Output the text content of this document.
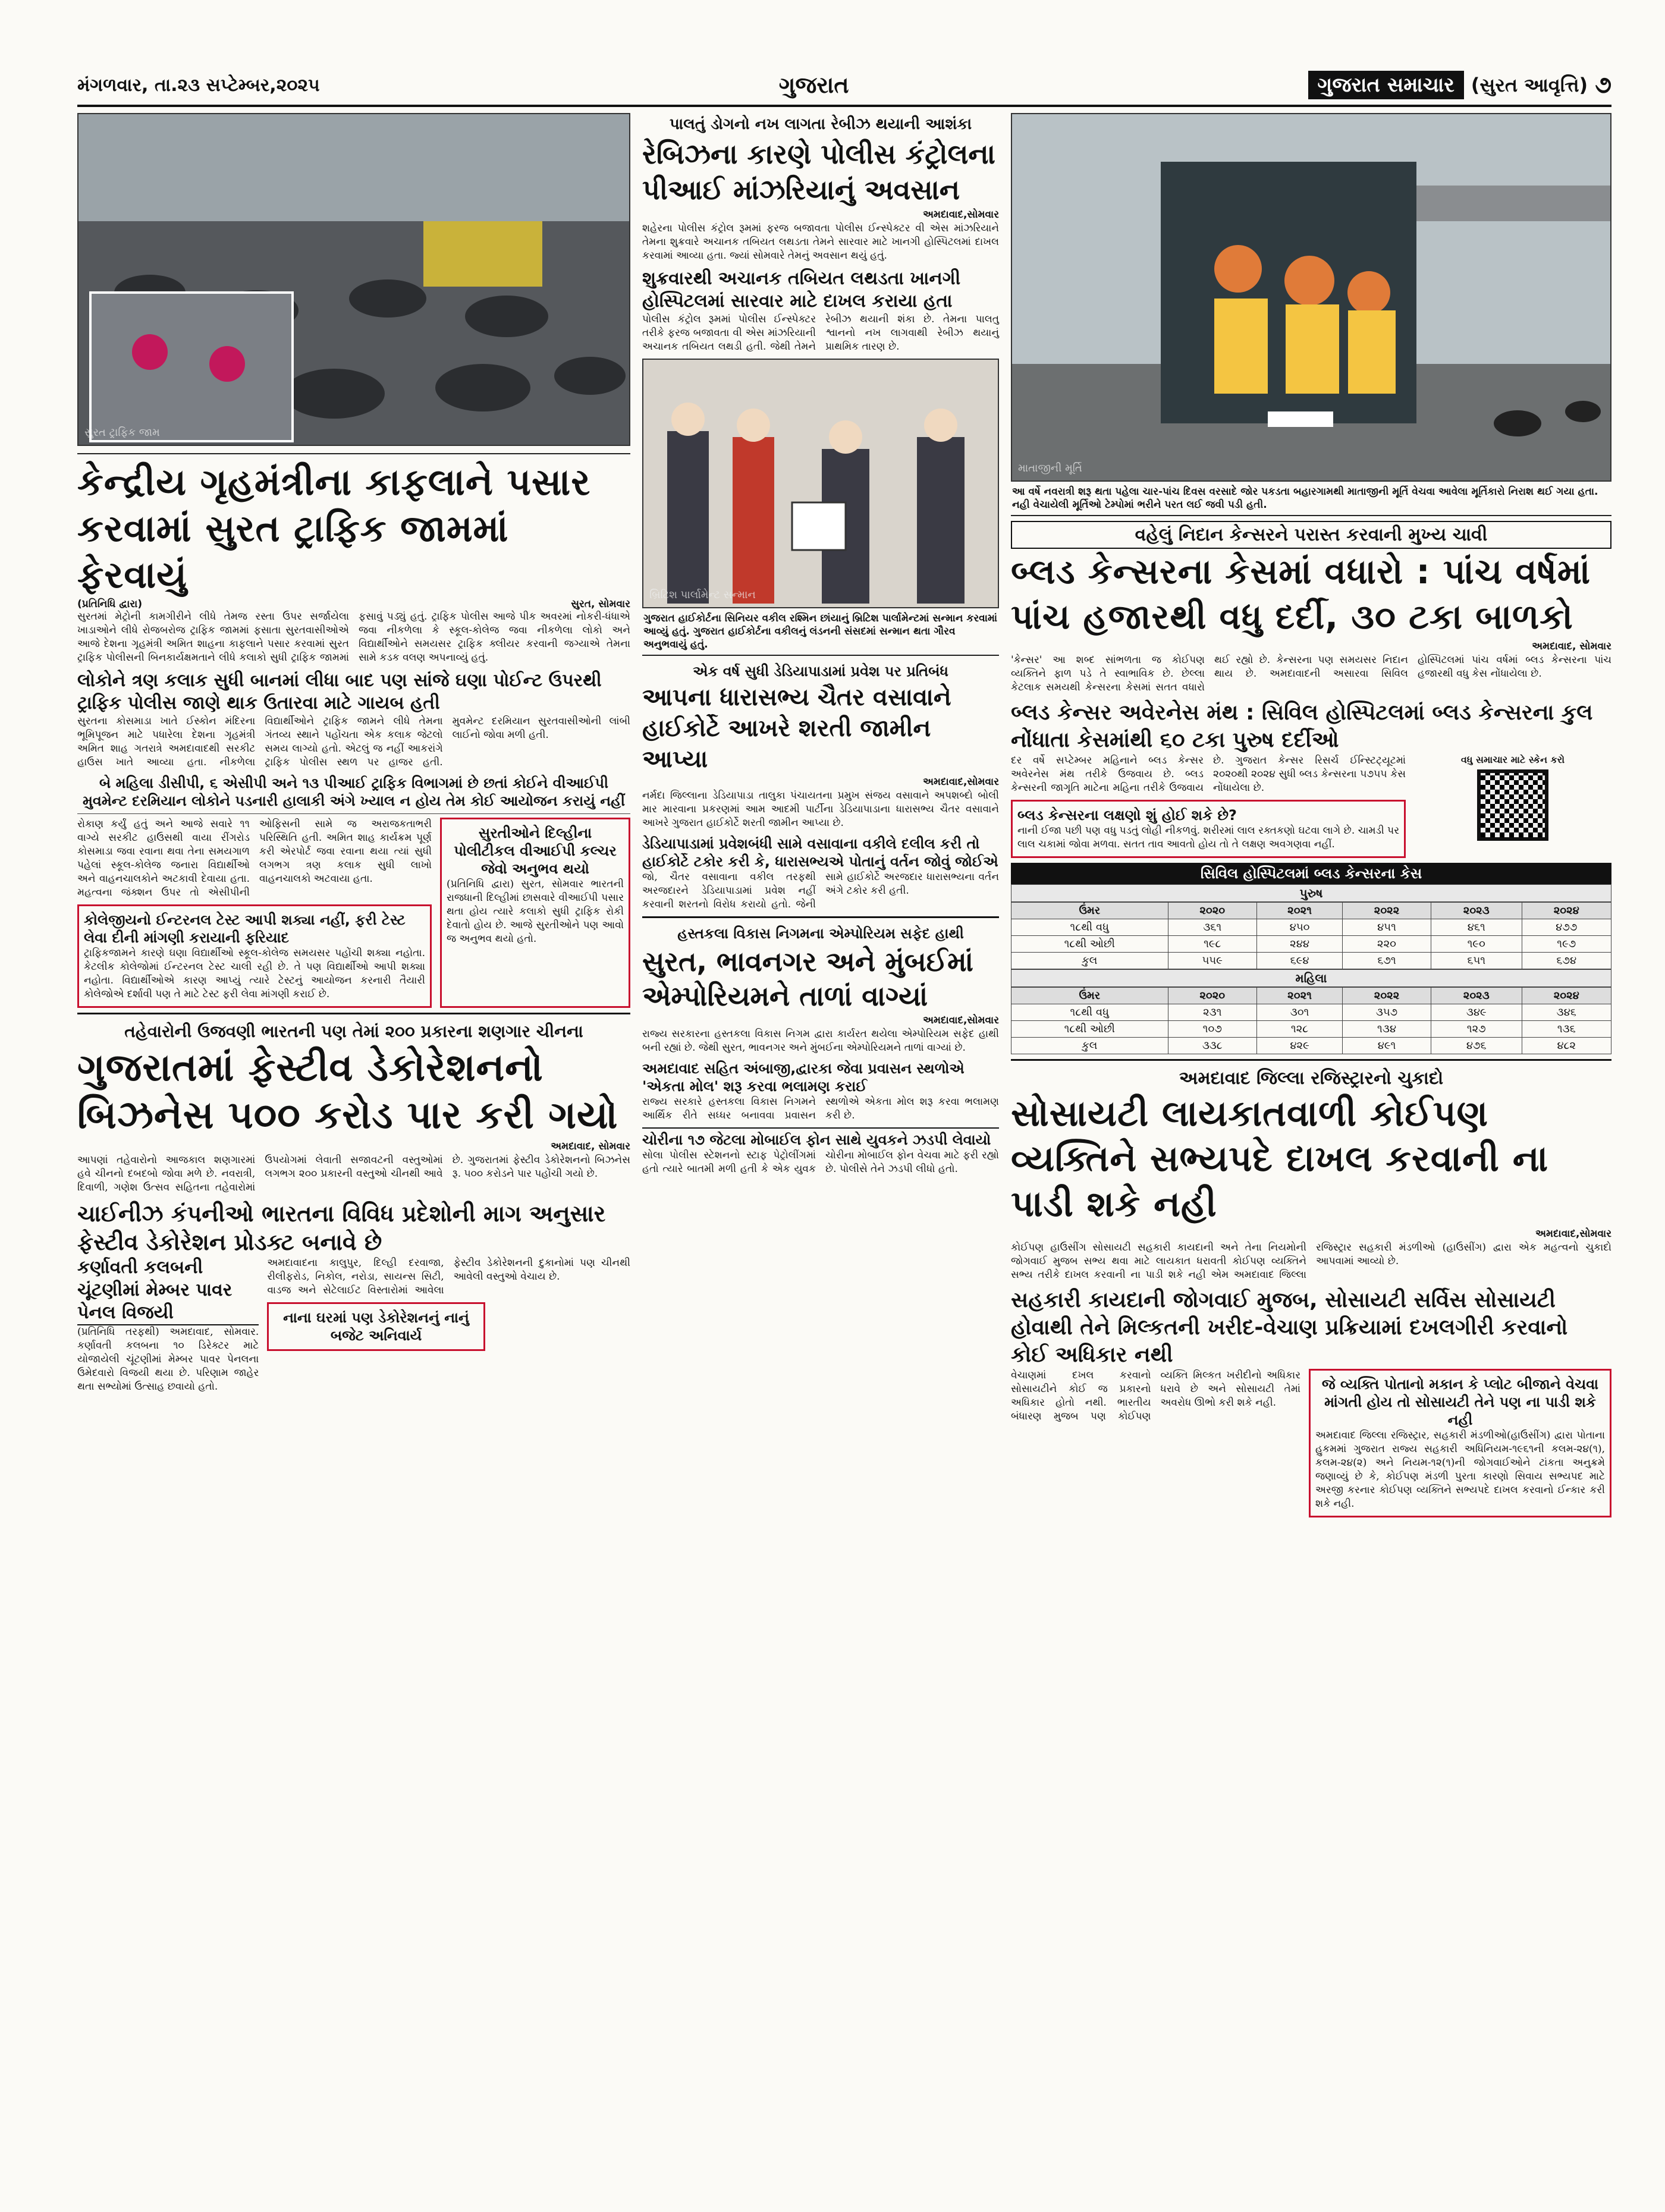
મંગળવાર, તા.૨૩ સપ્ટેમ્બર,૨૦૨૫	ગુજરાત	ગુજરાત સમાચાર (સુરત આવૃત્તિ) ૭
સુરત ટ્રાફિક જામ
કેન્દ્રીય ગૃહમંત્રીના કાફલાને પસાર કરવામાં સુરત ટ્રાફિક જામમાં ફેરવાયું
(પ્રતિનિધિ દ્વારા)	સુરત, સોમવાર
સુરતમાં મેટ્રોની કામગીરીને લીધે તેમજ રસ્તા ઉપર સર્જાયેલા ખાડાઓને લીધે રોજબરોજ ટ્રાફિક જામમાં ફસાતા સુરતવાસીઓએ આજે દેશના ગૃહમંત્રી અમિત શાહના કાફલાને પસાર કરવામાં સુરત ટ્રાફિક પોલીસની બિનકાર્યક્ષમતાને લીધે કલાકો સુધી ટ્રાફિક જામમાં ફસાવું પડ્યું હતું. ટ્રાફિક પોલીસ આજે પીક અવરમાં નોકરી-ધંધાએ જવા નીકળેલા કે સ્કૂલ-કોલેજ જવા નીકળેલા લોકો અને વિદ્યાર્થીઓને સમયસર ટ્રાફિક ક્લીયર કરવાની જગ્યાએ તેમના સામે કડક વલણ અપનાવ્યું હતું.
લોકોને ત્રણ કલાક સુધી બાનમાં લીધા બાદ પણ સાંજે ઘણા પોઈન્ટ ઉપરથી ટ્રાફિક પોલીસ જાણે થાક ઉતારવા માટે ગાયબ હતી
સુરતના કોસમાડા ખાતે ઈસ્કોન મંદિરના ભૂમિપૂજન માટે પધારેલા દેશના ગૃહમંત્રી અમિત શાહ ગતરાત્રે અમદાવાદથી સરકીટ હાઉસ ખાતે આવ્યા હતા. નીકળેલા વિદ્યાર્થીઓને ટ્રાફિક જામને લીધે તેમના ગંતવ્ય સ્થાને પહોંચતા એક કલાક જેટલો સમય લાગ્યો હતો. એટલું જ નહીં આકરાંગે ટ્રાફિક પોલીસ સ્થળ પર હાજર હતી. મુવમેન્ટ દરમિયાન સુરતવાસીઓની લાંબી લાઈનો જોવા મળી હતી.
બે મહિલા ડીસીપી, ૬ એસીપી અને ૧૩ પીઆઈ ટ્રાફિક વિભાગમાં છે છતાં કોઈને વીઆઈપી મુવમેન્ટ દરમિયાન લોકોને પડનારી હાલાકી અંગે ખ્યાલ ન હોય તેમ કોઈ આયોજન કરાયું નહીં
રોકાણ કર્યું હતું અને આજે સવારે ૧૧ વાગ્યે સરકીટ હાઉસથી વાયા રીંગરોડ કોસમાડા જવા રવાના થવા તેના સમયગાળ પહેલાં સ્કૂલ-કોલેજ જનારા વિદ્યાર્થીઓ અને વાહનચાલકોને અટકાવી દેવાયા હતા. મહત્વના જંક્શન ઉપર તો એસીપીની ઓફિસની સામે જ અરાજકતાભરી પરિસ્થિતિ હતી. અમિત શાહ કાર્યક્રમ પૂર્ણ કરી એરપોર્ટ જવા રવાના થયા ત્યાં સુધી લગભગ ત્રણ કલાક સુધી લાખો વાહનચાલકો અટવાયા હતા.
કોલેજીયનો ઈન્ટરનલ ટેસ્ટ આપી શક્યા નહીં, ફરી ટેસ્ટ લેવા દીની માંગણી કરાયાની ફરિયાદ
ટ્રાફિકજામને કારણે ઘણા વિદ્યાર્થીઓ સ્કૂલ-કોલેજ સમયસર પહોંચી શક્યા નહોતા. કેટલીક કોલેજોમાં ઈન્ટરનલ ટેસ્ટ ચાલી રહી છે. તે પણ વિદ્યાર્થીઓ આપી શક્યા નહોતા. વિદ્યાર્થીઓએ કારણ આપ્યું ત્યારે ટેસ્ટનું આયોજન કરનારી તૈયારી કોલેજોએ દર્શાવી પણ તે માટે ટેસ્ટ ફરી લેવા માંગણી કરાઈ છે.
સુરતીઓને દિલ્હીના પોલીટીકલ વીઆઈપી કલ્ચર જેવો અનુભવ થયો
(પ્રતિનિધિ દ્વારા) સુરત, સોમવાર ભારતની રાજધાની દિલ્હીમાં છાસવારે વીઆઈપી પસાર થતા હોય ત્યારે કલાકો સુધી ટ્રાફિક રોકી દેવાતો હોય છે. આજે સુરતીઓને પણ આવો જ અનુભવ થયો હતો.
તહેવારોની ઉજવણી ભારતની પણ તેમાં ૨૦૦ પ્રકારના શણગાર ચીનના
ગુજરાતમાં ફેસ્ટીવ ડેકોરેશનનો બિઝનેસ ૫૦૦ કરોડ પાર કરી ગયો
અમદાવાદ, સોમવાર
આપણાં તહેવારોનો આજકાલ શણગારમાં હવે ચીનનો દબદબો જોવા મળે છે. નવરાત્રી, દિવાળી, ગણેશ ઉત્સવ સહિતના તહેવારોમાં ઉપયોગમાં લેવાતી સજાવટની વસ્તુઓમાં લગભગ ૨૦૦ પ્રકારની વસ્તુઓ ચીનથી આવે છે. ગુજરાતમાં ફેસ્ટીવ ડેકોરેશનનો બિઝનેસ રૂ. ૫૦૦ કરોડને પાર પહોંચી ગયો છે.
ચાઈનીઝ કંપનીઓ ભારતના વિવિધ પ્રદેશોની માગ અનુસાર ફેસ્ટીવ ડેકોરેશન પ્રોડક્ટ બનાવે છે
કર્ણાવતી કલબની ચૂંટણીમાં મેમ્બર પાવર પેનલ વિજયી
(પ્રતિનિધિ તરફથી) અમદાવાદ, સોમવાર. કર્ણાવતી કલબના ૧૦ ડિરેક્ટર માટે યોજાયેલી ચૂંટણીમાં મેમ્બર પાવર પેનલના ઉમેદવારો વિજયી થયા છે. પરિણામ જાહેર થતા સભ્યોમાં ઉત્સાહ છવાયો હતો.
અમદાવાદના કાલુપુર, દિલ્હી દરવાજા, રીલીફરોડ, નિકોલ, નરોડા, સાયન્સ સિટી, વાડજ અને સેટેલાઈટ વિસ્તારોમાં આવેલા ફેસ્ટીવ ડેકોરેશનની દુકાનોમાં પણ ચીનથી આવેલી વસ્તુઓ વેચાય છે.
નાના ઘરમાં પણ ડેકોરેશનનું નાનું બજેટ અનિવાર્ય
પાલતું ડોગનો નખ લાગતા રેબીઝ થયાની આશંકા
રેબિઝના કારણે પોલીસ કંટ્રોલના પીઆઈ માંઝરિયાનું અવસાન
અમદાવાદ,સોમવાર
શહેરના પોલીસ કંટ્રોલ રૂમમાં ફરજ બજાવતા પોલીસ ઈન્સ્પેક્ટર વી એસ માંઝરિયાને તેમના શુક્રવારે અચાનક તબિયત લથડતા તેમને સારવાર માટે ખાનગી હોસ્પિટલમાં દાખલ કરવામાં આવ્યા હતા. જ્યાં સોમવારે તેમનું અવસાન થયું હતું.
શુક્રવારથી અચાનક તબિયત લથડતા ખાનગી હોસ્પિટલમાં સારવાર માટે દાખલ કરાયા હતા
પોલીસ કંટ્રોલ રૂમમાં પોલીસ ઈન્સ્પેક્ટર તરીકે ફરજ બજાવતા વી એસ માંઝરિયાની અચાનક તબિયત લથડી હતી. જેથી તેમને રેબીઝ થયાની શંકા છે. તેમના પાલતુ શ્વાનનો નખ લાગવાથી રેબીઝ થયાનું પ્રાથમિક તારણ છે.
બ્રિટિશ પાર્લામેન્ટ સન્માન
ગુજરાત હાઈકોર્ટના સિનિયર વકીલ રશ્મિન છાંયાનું બ્રિટિશ પાર્લામેન્ટમાં સન્માન કરવામાં આવ્યું હતું. ગુજરાત હાઈકોર્ટના વકીલનું લંડનની સંસદમાં સન્માન થતા ગૌરવ અનુભવાયું હતું.
એક વર્ષ સુધી ડેડિયાપાડામાં પ્રવેશ પર પ્રતિબંધ
આપના ધારાસભ્ય ચૈતર વસાવાને હાઈકોર્ટે આખરે શરતી જામીન આપ્યા
અમદાવાદ,સોમવાર
નર્મદા જિલ્લાના ડેડિયાપાડા તાલુકા પંચાયતના પ્રમુખ સંજય વસાવાને અપશબ્દો બોલી માર મારવાના પ્રકરણમાં આમ આદમી પાર્ટીના ડેડિયાપાડાના ધારાસભ્ય ચૈતર વસાવાને આખરે ગુજરાત હાઈકોર્ટે શરતી જામીન આપ્યા છે.
ડેડિયાપાડામાં પ્રવેશબંધી સામે વસાવાના વકીલે દલીલ કરી તો હાઈકોર્ટે ટકોર કરી કે, ધારાસભ્યએ પોતાનું વર્તન જોવું જોઈએ
જો, ચૈતર વસાવાના વકીલ તરફથી અરજદારને ડેડિયાપાડામાં પ્રવેશ નહીં કરવાની શરતનો વિરોધ કરાયો હતો. જેની સામે હાઈકોર્ટે અરજદાર ધારાસભ્યના વર્તન અંગે ટકોર કરી હતી.
હસ્તકલા વિકાસ નિગમના એમ્પોરિયમ સફેદ હાથી
સુરત, ભાવનગર અને મુંબઈમાં એમ્પોરિયમને તાળાં વાગ્યાં
અમદાવાદ,સોમવાર
રાજ્ય સરકારના હસ્તકલા વિકાસ નિગમ દ્વારા કાર્યરત થયેલા એમ્પોરિયમ સફેદ હાથી બની રહ્યાં છે. જેથી સુરત, ભાવનગર અને મુંબઈના એમ્પોરિયમને તાળાં વાગ્યાં છે.
અમદાવાદ સહિત અંબાજી,દ્વારકા જેવા પ્રવાસન સ્થળોએ 'એકતા મોલ' શરૂ કરવા ભલામણ કરાઈ
રાજ્ય સરકારે હસ્તકલા વિકાસ નિગમને આર્થિક રીતે સધ્ધર બનાવવા પ્રવાસન સ્થળોએ એકતા મોલ શરૂ કરવા ભલામણ કરી છે.
ચોરીના ૧૭ જેટલા મોબાઈલ ફોન સાથે યુવકને ઝડપી લેવાયો
સોલા પોલીસ સ્ટેશનનો સ્ટાફ પેટ્રોલીંગમાં હતો ત્યારે બાતમી મળી હતી કે એક યુવક ચોરીના મોબાઈલ ફોન વેચવા માટે ફરી રહ્યો છે. પોલીસે તેને ઝડપી લીધો હતો.
માતાજીની મૂર્તિ
આ વર્ષે નવરાત્રી શરૂ થતા પહેલા ચાર-પાંચ દિવસ વરસાદે જોર પકડતા બહારગામથી માતાજીની મૂર્તિ વેચવા આવેલા મૂર્તિકારો નિરાશ થઈ ગયા હતા. નહી વેચાયેલી મૂર્તિઓ ટેમ્પોમાં ભરીને પરત લઈ જવી પડી હતી.
વહેલું નિદાન કેન્સરને પરાસ્ત કરવાની મુખ્ય ચાવી
બ્લડ કેન્સરના કેસમાં વધારો : પાંચ વર્ષમાં પાંચ હજારથી વધુ દર્દી, ૩૦ ટકા બાળકો
અમદાવાદ, સોમવાર
'કેન્સર' આ શબ્દ સાંભળતા જ કોઈપણ વ્યક્તિને ફાળ પડે તે સ્વાભાવિક છે. છેલ્લા કેટલાક સમયથી કેન્સરના કેસમાં સતત વધારો થઈ રહ્યો છે. કેન્સરના પણ સમયસર નિદાન થાય છે. અમદાવાદની અસારવા સિવિલ હોસ્પિટલમાં પાંચ વર્ષમાં બ્લડ કેન્સરના પાંચ હજારથી વધુ કેસ નોંધાયેલા છે.
બ્લડ કેન્સર અવેરનેસ મંથ : સિવિલ હોસ્પિટલમાં બ્લડ કેન્સરના કુલ નોંધાતા કેસમાંથી ૬૦ ટકા પુરુષ દર્દીઓ
દર વર્ષે સપ્ટેમ્બર મહિનાને બ્લડ કેન્સર અવેરનેસ મંથ તરીકે ઉજવાય છે. બ્લડ કેન્સરની જાગૃતિ માટેના મહિના તરીકે ઉજવાય છે. ગુજરાત કેન્સર રિસર્ચ ઈન્સ્ટિટ્યૂટમાં ૨૦૨૦થી ૨૦૨૪ સુધી બ્લડ કેન્સરના ૫૭૫૫ કેસ નોંધાયેલા છે.
બ્લડ કેન્સરના લક્ષણો શું હોઈ શકે છે?
નાની ઈજા પછી પણ વધુ પડતું લોહી નીકળવું. શરીરમાં લાલ રક્તકણો ઘટવા લાગે છે. ચામડી પર લાલ ચકામાં જોવા મળવા. સતત તાવ આવતો હોય તો તે લક્ષણ અવગણવા નહીં.
વધુ સમાચાર માટે સ્કેન કરો
સિવિલ હોસ્પિટલમાં બ્લડ કેન્સરના કેસ
પુરુષ
ઉંમર	૨૦૨૦	૨૦૨૧	૨૦૨૨	૨૦૨૩	૨૦૨૪
૧૮થી વધુ	૩૬૧	૪૫૦	૪૫૧	૪૬૧	૪૭૭
૧૮થી ઓછી	૧૯૮	૨૪૪	૨૨૦	૧૯૦	૧૯૭
કુલ	૫૫૯	૬૯૪	૬૭૧	૬૫૧	૬૭૪
મહિલા
ઉંમર	૨૦૨૦	૨૦૨૧	૨૦૨૨	૨૦૨૩	૨૦૨૪
૧૮થી વધુ	૨૩૧	૩૦૧	૩૫૭	૩૪૯	૩૪૬
૧૮થી ઓછી	૧૦૭	૧૨૮	૧૩૪	૧૨૭	૧૩૬
કુલ	૩૩૮	૪૨૯	૪૯૧	૪૭૬	૪૮૨
અમદાવાદ જિલ્લા રજિસ્ટ્રારનો ચુકાદો
સોસાયટી લાયકાતવાળી કોઈપણ વ્યક્તિને સભ્યપદે દાખલ કરવાની ના પાડી શકે નહી
અમદાવાદ,સોમવાર
કોઈપણ હાઉસીંગ સોસાયટી સહકારી કાયદાની અને તેના નિયમોની જોગવાઈ મુજબ સભ્ય થવા માટે લાયકાત ધરાવતી કોઈપણ વ્યક્તિને સભ્ય તરીકે દાખલ કરવાની ના પાડી શકે નહી એમ અમદાવાદ જિલ્લા રજિસ્ટ્રાર સહકારી મંડળીઓ (હાઉસીંગ) દ્વારા એક મહત્વનો ચુકાદો આપવામાં આવ્યો છે.
સહકારી કાયદાની જોગવાઈ મુજબ, સોસાયટી સર્વિસ સોસાયટી હોવાથી તેને મિલ્કતની ખરીદ-વેચાણ પ્રક્રિયામાં દખલગીરી કરવાનો કોઈ અધિકાર નથી
વેચાણમાં દખલ કરવાનો સોસાયટીને કોઈ જ પ્રકારનો અધિકાર હોતો નથી. ભારતીય બંધારણ મુજબ પણ કોઈપણ વ્યક્તિ મિલ્કત ખરીદીનો અધિકાર ધરાવે છે અને સોસાયટી તેમાં અવરોધ ઊભો કરી શકે નહી.
જે વ્યક્તિ પોતાનો મકાન કે પ્લોટ બીજાને વેચવા માંગતી હોય તો સોસાયટી તેને પણ ના પાડી શકે નહી
અમદાવાદ જિલ્લા રજિસ્ટ્રાર, સહકારી મંડળીઓ(હાઉસીંગ) દ્વારા પોતાના હુકમમાં ગુજરાત રાજ્ય સહકારી અધિનિયમ-૧૯૬૧ની કલમ-૨૪(૧), કલમ-૨૪(૨) અને નિયમ-૧૨(૧)ની જોગવાઈઓને ટાંકતા અનુક્રમે જણાવ્યું છે કે, કોઈપણ મંડળી પુરતા કારણો સિવાય સભ્યપદ માટે અરજી કરનાર કોઈપણ વ્યક્તિને સભ્યપદે દાખલ કરવાનો ઈન્કાર કરી શકે નહી.
